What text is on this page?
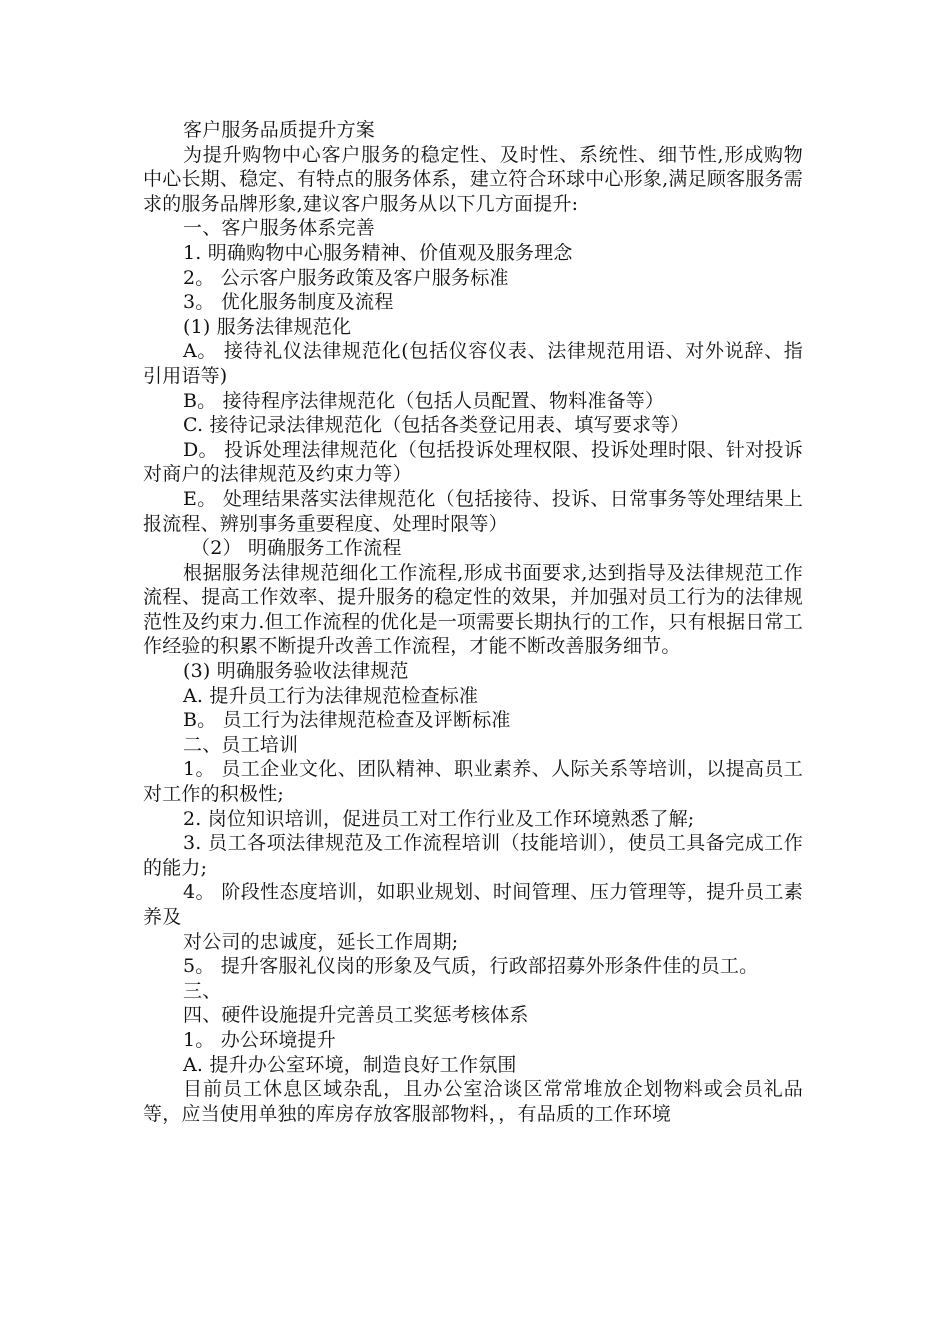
客户服务品质提升方案

为提升购物中心客户服务的稳定性、及时性、系统性、细节性,形成购物中心长期、稳定、有特点的服务体系，建立符合环球中心形象,满足顾客服务需求的服务品牌形象,建议客户服务从以下几方面提升:

一、客户服务体系完善

1. 明确购物中心服务精神、价值观及服务理念

2。 公示客户服务政策及客户服务标准

3。 优化服务制度及流程

(1) 服务法律规范化

A。 接待礼仪法律规范化(包括仪容仪表、法律规范用语、对外说辞、指引用语等)

B。 接待程序法律规范化（包括人员配置、物料准备等）

C. 接待记录法律规范化（包括各类登记用表、填写要求等）

D。 投诉处理法律规范化（包括投诉处理权限、投诉处理时限、针对投诉对商户的法律规范及约束力等）

E。 处理结果落实法律规范化（包括接待、投诉、日常事务等处理结果上报流程、辨别事务重要程度、处理时限等）

（2） 明确服务工作流程

根据服务法律规范细化工作流程,形成书面要求,达到指导及法律规范工作流程、提高工作效率、提升服务的稳定性的效果，并加强对员工行为的法律规范性及约束力.但工作流程的优化是一项需要长期执行的工作，只有根据日常工作经验的积累不断提升改善工作流程，才能不断改善服务细节。

(3) 明确服务验收法律规范

A. 提升员工行为法律规范检查标准

B。 员工行为法律规范检查及评断标准

二、员工培训

1。 员工企业文化、团队精神、职业素养、人际关系等培训，以提高员工对工作的积极性;

2. 岗位知识培训，促进员工对工作行业及工作环境熟悉了解;

3. 员工各项法律规范及工作流程培训（技能培训），使员工具备完成工作的能力;

4。 阶段性态度培训，如职业规划、时间管理、压力管理等，提升员工素养及

对公司的忠诚度，延长工作周期;

5。 提升客服礼仪岗的形象及气质，行政部招募外形条件佳的员工。

三、

四、硬件设施提升完善员工奖惩考核体系

1。 办公环境提升

A. 提升办公室环境，制造良好工作氛围

目前员工休息区域杂乱，且办公室洽谈区常常堆放企划物料或会员礼品等，应当使用单独的库房存放客服部物料，，有品质的工作环境
